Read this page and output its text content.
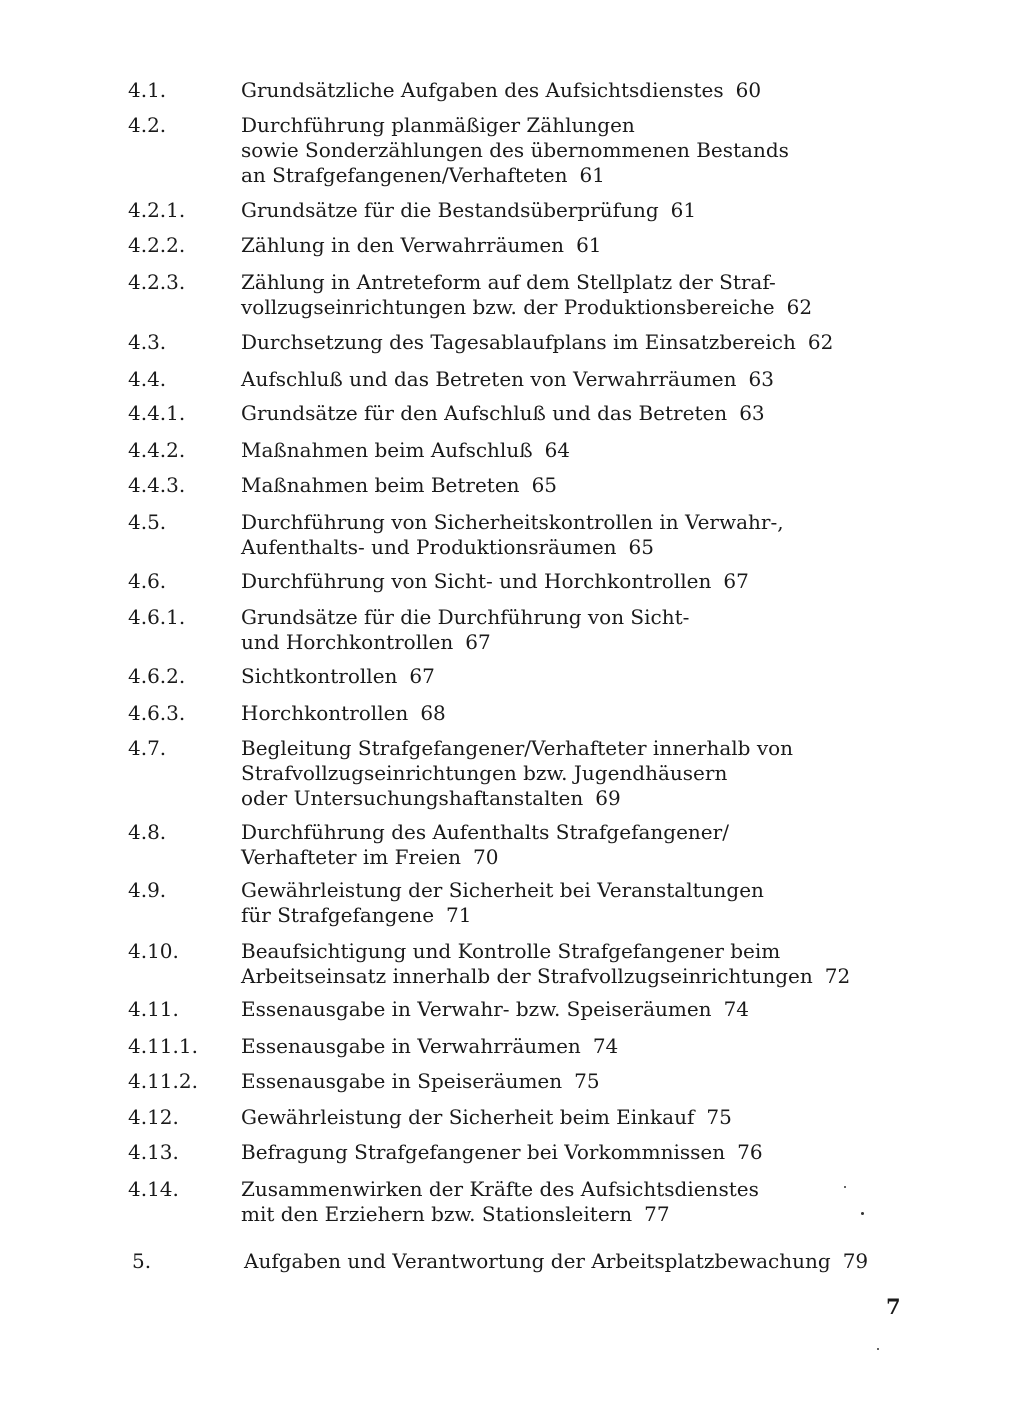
4.1.	Grundsätzliche Aufgaben des Aufsichtsdienstes 60
4.2.	Durchführung planmäßiger Zählungen
sowie Sonderzählungen des übernommenen Bestands
an Strafgefangenen/Verhafteten 61
4.2.1.	Grundsätze für die Bestandsüberprüfung 61
4.2.2.	Zählung in den Verwahrräumen 61
4.2.3.	Zählung in Antreteform auf dem Stellplatz der Straf-
vollzugseinrichtungen bzw. der Produktionsbereiche 62
4.3.	Durchsetzung des Tagesablaufplans im Einsatzbereich 62
4.4.	Aufschluß und das Betreten von Verwahrräumen 63
4.4.1.	Grundsätze für den Aufschluß und das Betreten 63
4.4.2.	Maßnahmen beim Aufschluß 64
4.4.3.	Maßnahmen beim Betreten 65
4.5.	Durchführung von Sicherheitskontrollen in Verwahr-,
Aufenthalts- und Produktionsräumen 65
4.6.	Durchführung von Sicht- und Horchkontrollen 67
4.6.1.	Grundsätze für die Durchführung von Sicht-
und Horchkontrollen 67
4.6.2.	Sichtkontrollen 67
4.6.3.	Horchkontrollen 68
4.7.	Begleitung Strafgefangener/Verhafteter innerhalb von
Strafvollzugseinrichtungen bzw. Jugendhäusern
oder Untersuchungshaftanstalten 69
4.8.	Durchführung des Aufenthalts Strafgefangener/
Verhafteter im Freien 70
4.9.	Gewährleistung der Sicherheit bei Veranstaltungen
für Strafgefangene 71
4.10.	Beaufsichtigung und Kontrolle Strafgefangener beim
Arbeitseinsatz innerhalb der Strafvollzugseinrichtungen 72
4.11.	Essenausgabe in Verwahr- bzw. Speiseräumen 74
4.11.1. Essenausgabe in Verwahrräumen 74
4.11.2. Essenausgabe in Speiseräumen 75
4.12.	Gewährleistung der Sicherheit beim Einkauf 75
4.13.	Befragung Strafgefangener bei Vorkommnissen 76
4.14.	Zusammenwirken der Kräfte des Aufsichtsdienstes
mit den Erziehern bzw. Stationsleitern 77
5.	Aufgaben und Verantwortung der Arbeitsplatzbewachung 79
7
